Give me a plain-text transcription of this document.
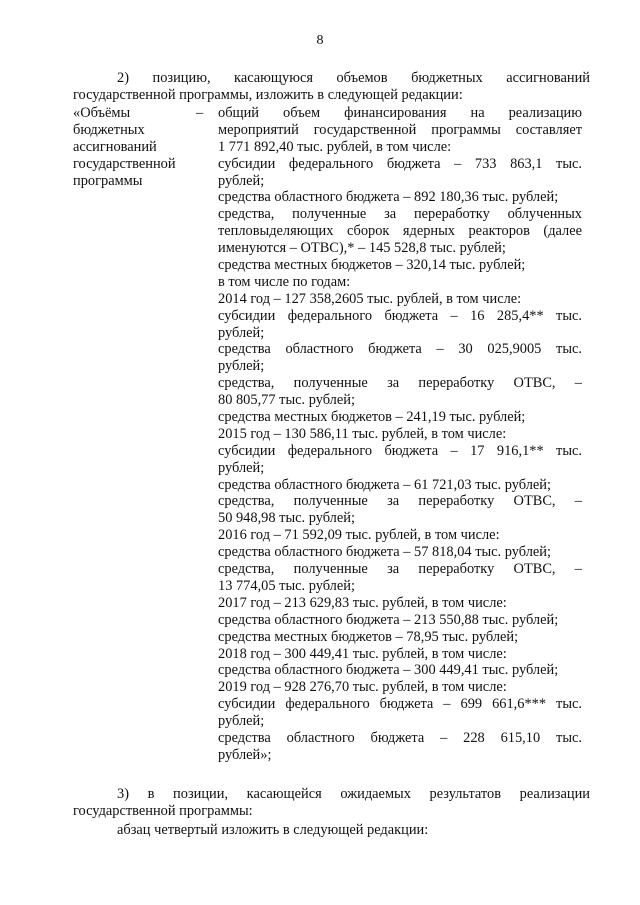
8

2) позицию, касающуюся объемов бюджетных ассигнований

государственной программы, изложить в следующей редакции:

«Объёмы
бюджетных
ассигнований
государственной
программы
– общий объем финансирования на реализацию
мероприятий государственной программы составляет
1 771 892,40 тыс. рублей, в том числе:
субсидии федерального бюджета – 733 863,1 тыс.
рублей;
средства областного бюджета – 892 180,36 тыс. рублей;
средства, полученные за переработку облученных
тепловыделяющих сборок ядерных реакторов (далее
именуются – ОТВС),* – 145 528,8 тыс. рублей;
средства местных бюджетов – 320,14 тыс. рублей;
в том числе по годам:
2014 год – 127 358,2605 тыс. рублей, в том числе:
субсидии федерального бюджета – 16 285,4** тыс.
рублей;
средства областного бюджета – 30 025,9005 тыс.
рублей;
средства, полученные за переработку ОТВС, –
80 805,77 тыс. рублей;
средства местных бюджетов – 241,19 тыс. рублей;
2015 год – 130 586,11 тыс. рублей, в том числе:
субсидии федерального бюджета – 17 916,1** тыс.
рублей;
средства областного бюджета – 61 721,03 тыс. рублей;
средства, полученные за переработку ОТВС, –
50 948,98 тыс. рублей;
2016 год – 71 592,09 тыс. рублей, в том числе:
средства областного бюджета – 57 818,04 тыс. рублей;
средства, полученные за переработку ОТВС, –
13 774,05 тыс. рублей;
2017 год – 213 629,83 тыс. рублей, в том числе:
средства областного бюджета – 213 550,88 тыс. рублей;
средства местных бюджетов – 78,95 тыс. рублей;
2018 год – 300 449,41 тыс. рублей, в том числе:
средства областного бюджета – 300 449,41 тыс. рублей;
2019 год – 928 276,70 тыс. рублей, в том числе:
субсидии федерального бюджета – 699 661,6*** тыс.
рублей;
средства областного бюджета – 228 615,10 тыс.
рублей»;

3) в позиции, касающейся ожидаемых результатов реализации

государственной программы:

абзац четвертый изложить в следующей редакции:
